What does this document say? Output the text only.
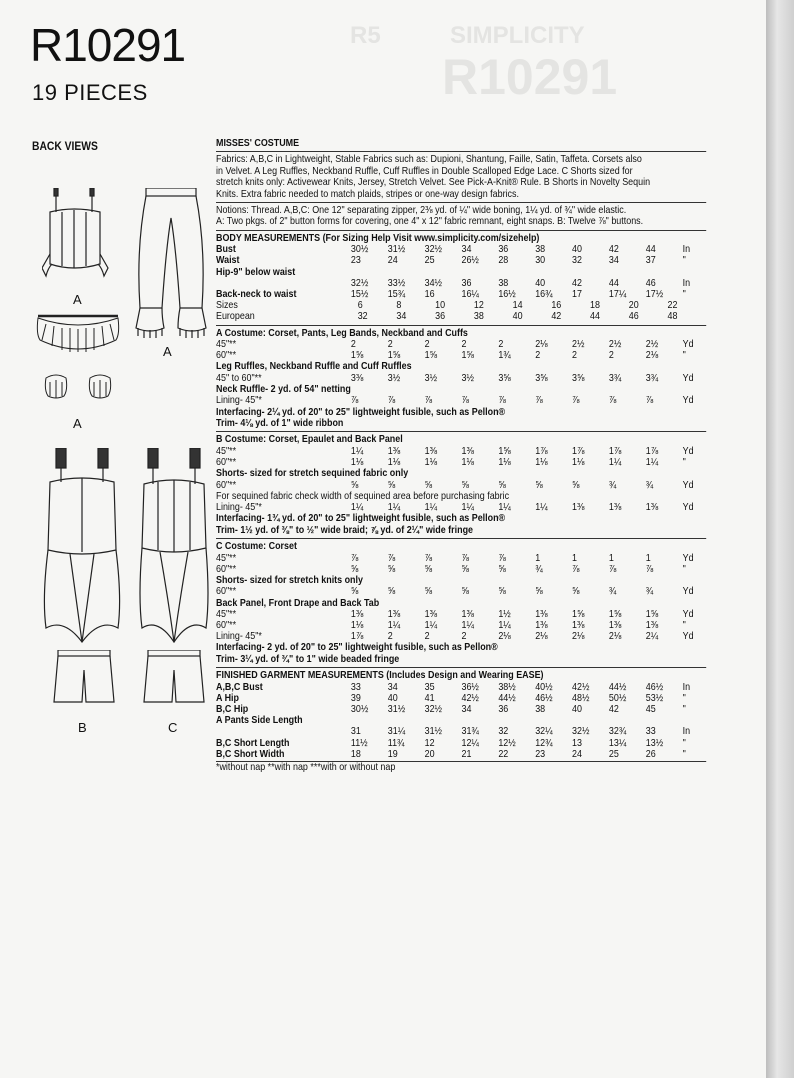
R5	SIMPLICITY
R10291
R10291
19 PIECES
BACK VIEWS
A
A
A
B	C
MISSES' COSTUME
Fabrics: A,B,C in Lightweight, Stable Fabrics such as: Dupioni, Shantung, Faille, Satin, Taffeta. Corsets also
in Velvet. A Leg Ruffles, Neckband Ruffle, Cuff Ruffles in Double Scalloped Edge Lace. C Shorts sized for
stretch knits only: Activewear Knits, Jersey, Stretch Velvet. See Pick-A-Knit® Rule. B Shorts in Novelty Sequin
Knits. Extra fabric needed to match plaids, stripes or one-way design fabrics.
Notions: Thread. A,B,C: One 12" separating zipper, 2⅜ yd. of ¼" wide boning, 1¼ yd. of ¾" wide elastic.
A: Two pkgs. of 2" button forms for covering, one 4" x 12" fabric remnant, eight snaps. B: Twelve ⅞" buttons.
BODY MEASUREMENTS (For Sizing Help Visit www.simplicity.com/sizehelp)
Bust	30½	31½	32½	34	36	38	40	42	44	In
Waist	23	24	25	26½	28	30	32	34	37	"
Hip-9" below waist
32½	33½	34½	36	38	40	42	44	46	In
Back-neck to waist	15½	15¾	16	16¼	16½	16¾	17	17¼	17½	"
Sizes	6	8	10	12	14	16	18	20	22
European	32	34	36	38	40	42	44	46	48
A Costume: Corset, Pants, Leg Bands, Neckband and Cuffs
45"**	2	2	2	2	2	2⅛	2½	2½	2½	Yd
60"**	1⅝	1⅝	1⅝	1⅝	1¾	2	2	2	2⅛	"
Leg Ruffles, Neckband Ruffle and Cuff Ruffles
45" to 60"**	3⅜	3½	3½	3½	3⅝	3⅝	3⅝	3¾	3¾	Yd
Neck Ruffle- 2 yd. of 54" netting
Lining- 45"*	⅞	⅞	⅞	⅞	⅞	⅞	⅞	⅞	⅞	Yd
Interfacing- 2¼ yd. of 20" to 25" lightweight fusible, such as Pellon®
Trim- 4⅛ yd. of 1" wide ribbon
B Costume: Corset, Epaulet and Back Panel
45"**	1¼	1⅜	1⅜	1⅜	1⅝	1⅞	1⅞	1⅞	1⅞	Yd
60"**	1⅛	1⅛	1⅛	1⅛	1⅛	1⅛	1⅛	1¼	1¼	"
Shorts- sized for stretch sequined fabric only
60"**	⅝	⅝	⅝	⅝	⅝	⅝	⅝	¾	¾	Yd
For sequined fabric check width of sequined area before purchasing fabric
Lining- 45"*	1¼	1¼	1¼	1¼	1¼	1¼	1⅜	1⅜	1⅜	Yd
Interfacing- 1¾ yd. of 20" to 25" lightweight fusible, such as Pellon®
Trim- 1½ yd. of ⅜" to ½" wide braid; ⅞ yd. of 2¼" wide fringe
C Costume: Corset
45"**	⅞	⅞	⅞	⅞	⅞	1	1	1	1	Yd
60"**	⅝	⅝	⅝	⅝	⅝	¾	⅞	⅞	⅞	"
Shorts- sized for stretch knits only
60"**	⅝	⅝	⅝	⅝	⅝	⅝	⅝	¾	¾	Yd
Back Panel, Front Drape and Back Tab
45"**	1⅜	1⅜	1⅜	1⅜	1½	1⅜	1⅝	1⅝	1⅝	Yd
60"**	1⅛	1¼	1¼	1¼	1¼	1⅜	1⅜	1⅜	1⅜	"
Lining- 45"*	1⅞	2	2	2	2⅛	2⅛	2⅛	2⅛	2¼	Yd
Interfacing- 2 yd. of 20" to 25" lightweight fusible, such as Pellon®
Trim- 3¼ yd. of ¾" to 1" wide beaded fringe
FINISHED GARMENT MEASUREMENTS (Includes Design and Wearing EASE)
A,B,C Bust	33	34	35	36½	38½	40½	42½	44½	46½	In
A Hip	39	40	41	42½	44½	46½	48½	50½	53½	"
B,C Hip	30½	31½	32½	34	36	38	40	42	45	"
A Pants Side Length
31	31¼	31½	31¾	32	32¼	32½	32¾	33	In
B,C Short Length	11½	11¾	12	12¼	12½	12¾	13	13¼	13½	"
B,C Short Width	18	19	20	21	22	23	24	25	26	"
*without nap **with nap ***with or without nap
